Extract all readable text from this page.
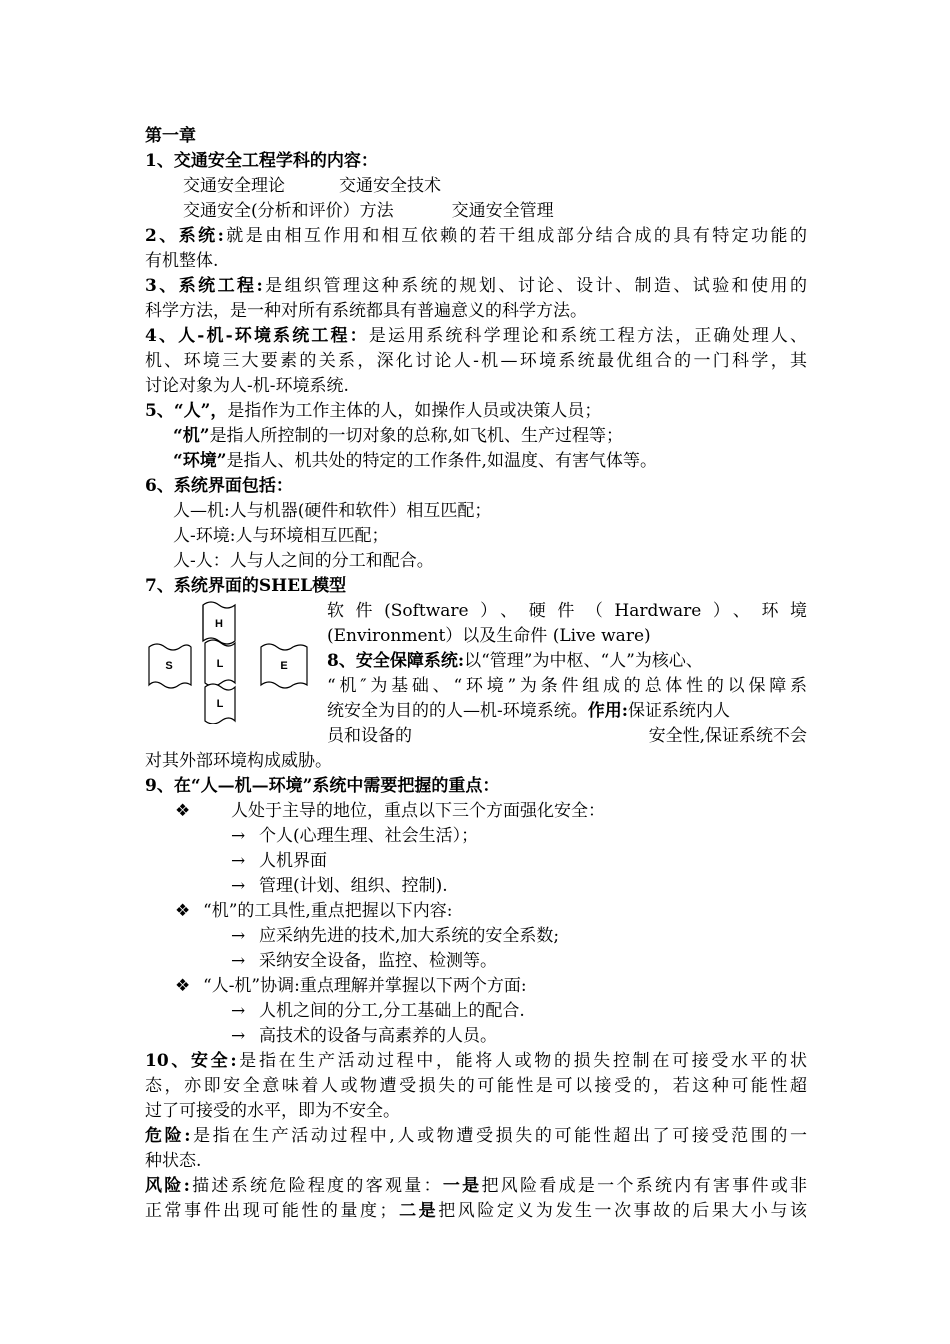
第一章
1、交通安全工程学科的内容：
交通安全理论	交通安全技术
交通安全(分析和评价）方法	交通安全管理
2、系统:就是由相互作用和相互依赖的若干组成部分结合成的具有特定功能的
有机整体.
3、系统工程:是组织管理这种系统的规划、讨论、设计、制造、试验和使用的
科学方法，是一种对所有系统都具有普遍意义的科学方法。
4、人-机-环境系统工程：是运用系统科学理论和系统工程方法，正确处理人、
机、环境三大要素的关系，深化讨论人-机—环境系统最优组合的一门科学，其
讨论对象为人-机-环境系统.
5、“人”，是指作为工作主体的人，如操作人员或决策人员；
“机”是指人所控制的一切对象的总称,如飞机、生产过程等；
“环境”是指人、机共处的特定的工作条件,如温度、有害气体等。
6、系统界面包括：
人—机:人与机器(硬件和软件）相互匹配；
人-环境:人与环境相互匹配；
人-人：人与人之间的分工和配合。
7、系统界面的SHEL模型
H
S	L	E
L
软件(Software）、硬件（Hardware）、环境
(Environment）以及生命件 (Live ware)
8、安全保障系统:以“管理”为中枢、“人”为核心、
“机″为基础、“环境”为条件组成的总体性的以保障系
统安全为目的的人—机-环境系统。作用:保证系统内人
员和设备的	安全性,保证系统不会

对其外部环境构成威胁。
9、在“人—机—环境”系统中需要把握的重点：
❖ 人处于主导的地位，重点以下三个方面强化安全：
→ 个人(心理生理、社会生活）；
→ 人机界面
→ 管理(计划、组织、控制).
❖ “机”的工具性,重点把握以下内容:
→ 应采纳先进的技术,加大系统的安全系数;
→ 采纳安全设备，监控、检测等。
❖ “人-机”协调:重点理解并掌握以下两个方面:
→ 人机之间的分工,分工基础上的配合.
→ 高技术的设备与高素养的人员。
10、安全:是指在生产活动过程中，能将人或物的损失控制在可接受水平的状
态，亦即安全意味着人或物遭受损失的可能性是可以接受的，若这种可能性超
过了可接受的水平，即为不安全。
危险:是指在生产活动过程中,人或物遭受损失的可能性超出了可接受范围的一
种状态.
风险:描述系统危险程度的客观量：一是把风险看成是一个系统内有害事件或非
正常事件出现可能性的量度；二是把风险定义为发生一次事故的后果大小与该
